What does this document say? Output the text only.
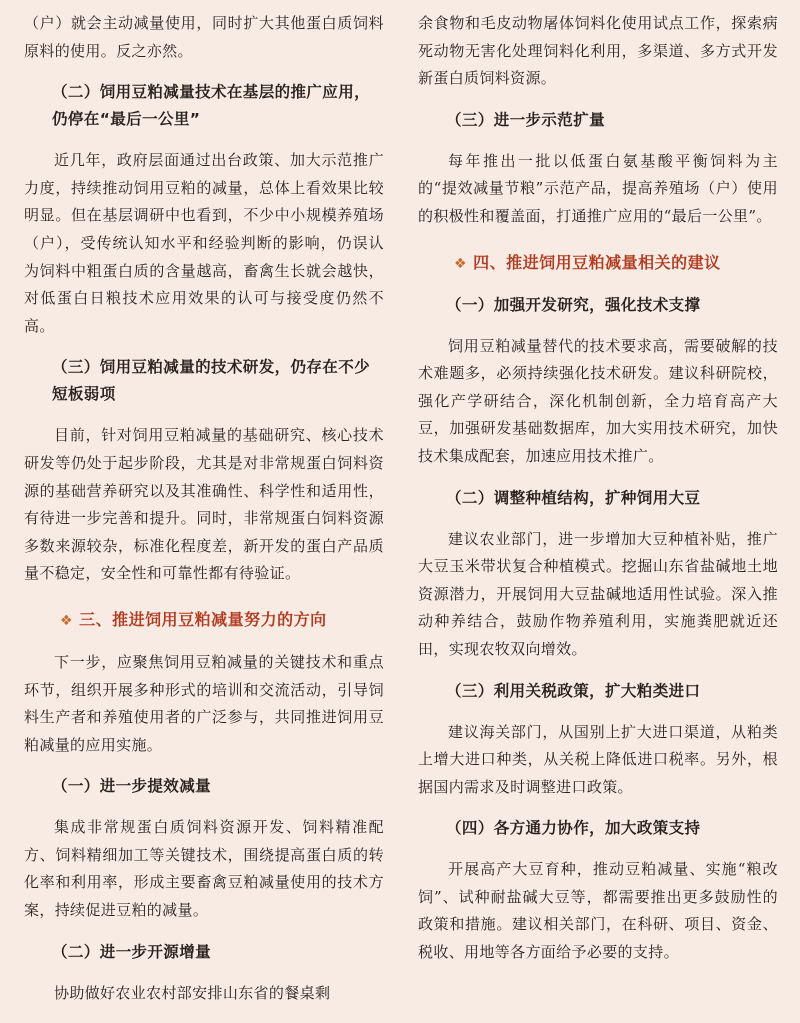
（户）就会主动减量使用，同时扩大其他蛋白质饲料原料的使用。反之亦然。

（二）饲用豆粕减量技术在基层的推广应用，仍停在“最后一公里”

近几年，政府层面通过出台政策、加大示范推广力度，持续推动饲用豆粕的减量，总体上看效果比较明显。但在基层调研中也看到，不少中小规模养殖场（户），受传统认知水平和经验判断的影响，仍误认为饲料中粗蛋白质的含量越高，畜禽生长就会越快，对低蛋白日粮技术应用效果的认可与接受度仍然不高。

（三）饲用豆粕减量的技术研发，仍存在不少短板弱项

目前，针对饲用豆粕减量的基础研究、核心技术研发等仍处于起步阶段，尤其是对非常规蛋白饲料资源的基础营养研究以及其准确性、科学性和适用性，有待进一步完善和提升。同时，非常规蛋白饲料资源多数来源较杂，标准化程度差，新开发的蛋白产品质量不稳定，安全性和可靠性都有待验证。

❖ 三、推进饲用豆粕减量努力的方向

下一步，应聚焦饲用豆粕减量的关键技术和重点环节，组织开展多种形式的培训和交流活动，引导饲料生产者和养殖使用者的广泛参与，共同推进饲用豆粕减量的应用实施。

（一）进一步提效减量

集成非常规蛋白质饲料资源开发、饲料精准配方、饲料精细加工等关键技术，围绕提高蛋白质的转化率和利用率，形成主要畜禽豆粕减量使用的技术方案，持续促进豆粕的减量。

（二）进一步开源增量

协助做好农业农村部安排山东省的餐桌剩

余食物和毛皮动物屠体饲料化使用试点工作，探索病死动物无害化处理饲料化利用，多渠道、多方式开发新蛋白质饲料资源。

（三）进一步示范扩量

每年推出一批以低蛋白氨基酸平衡饲料为主的“提效减量节粮”示范产品，提高养殖场（户）使用的积极性和覆盖面，打通推广应用的“最后一公里”。

❖ 四、推进饲用豆粕减量相关的建议
（一）加强开发研究，强化技术支撑

饲用豆粕减量替代的技术要求高，需要破解的技术难题多，必须持续强化技术研发。建议科研院校，强化产学研结合，深化机制创新，全力培育高产大豆，加强研发基础数据库，加大实用技术研究，加快技术集成配套，加速应用技术推广。

（二）调整种植结构，扩种饲用大豆

建议农业部门，进一步增加大豆种植补贴，推广大豆玉米带状复合种植模式。挖掘山东省盐碱地土地资源潜力，开展饲用大豆盐碱地适用性试验。深入推动种养结合，鼓励作物养殖利用，实施粪肥就近还田，实现农牧双向增效。

（三）利用关税政策，扩大粕类进口

建议海关部门，从国别上扩大进口渠道，从粕类上增大进口种类，从关税上降低进口税率。另外，根据国内需求及时调整进口政策。

（四）各方通力协作，加大政策支持

开展高产大豆育种，推动豆粕减量、实施“粮改饲”、试种耐盐碱大豆等，都需要推出更多鼓励性的政策和措施。建议相关部门，在科研、项目、资金、税收、用地等各方面给予必要的支持。
